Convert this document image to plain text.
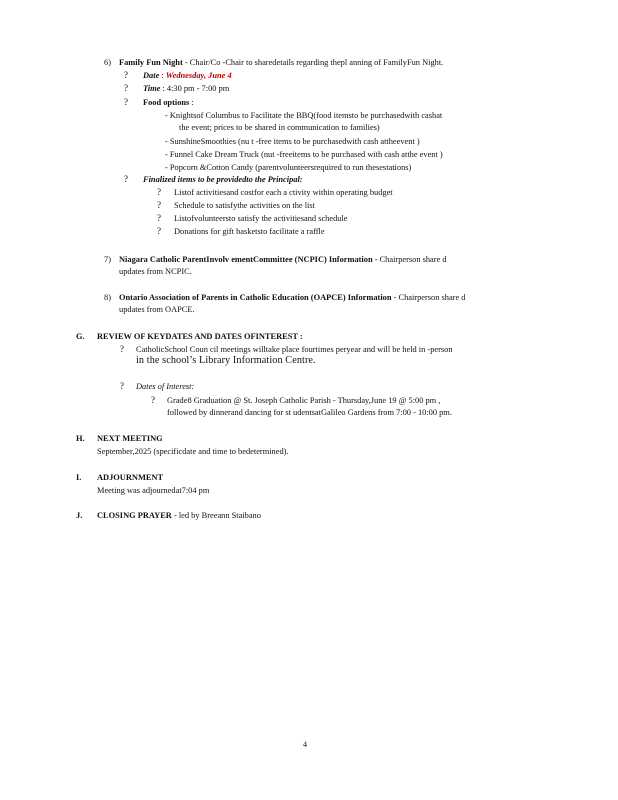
6) Family Fun Night - Chair/Co -Chair to sharedetails regarding thepl anning of FamilyFun Night.
? Date : Wednesday, June 4
? Time : 4:30 pm - 7:00 pm
? Food options :
- Knightsof Columbus to Facilitate the BBQ(food itemsto be purchasedwith cashat
the event; prices to be shared in communication to families)
- SunshineSmoothies (nu t -free items to be purchasedwith cash attheevent )
- Funnel Cake Dream Truck (nut -freeitems to be purchased with cash atthe event )
- Popcorn &Cotton Candy (parentvolunteersrequired to run thesestations)
? Finalized items to be providedto the Principal:
? Listof activitiesand costfor each a ctivity within operating budget
? Schedule to satisfythe activities on the list
? Listofvolunteersto satisfy the activitiesand schedule
? Donations for gift basketsto facilitate a raffle
7) Niagara Catholic ParentInvolv ementCommittee (NCPIC) Information - Chairperson share d
updates from NCPIC.
8) Ontario Association of Parents in Catholic Education (OAPCE) Information - Chairperson share d
updates from OAPCE.
G. REVIEW OF KEYDATES AND DATES OFINTEREST :
? CatholicSchool Coun cil meetings willtake place fourtimes peryear and will be held in -person
in the school’s Library Information Centre.
? Dates of Interest:
? Grade8 Graduation @ St. Joseph Catholic Parish - Thursday,June 19 @ 5:00 pm ,
followed by dinnerand dancing for st udentsatGalileo Gardens from 7:00 - 10:00 pm.
H. NEXT MEETING
September,2025 (specificdate and time to bedetermined).
I. ADJOURNMENT
Meeting was adjournedat7:04 pm
J. CLOSING PRAYER - led by Breeann Staibano
4
